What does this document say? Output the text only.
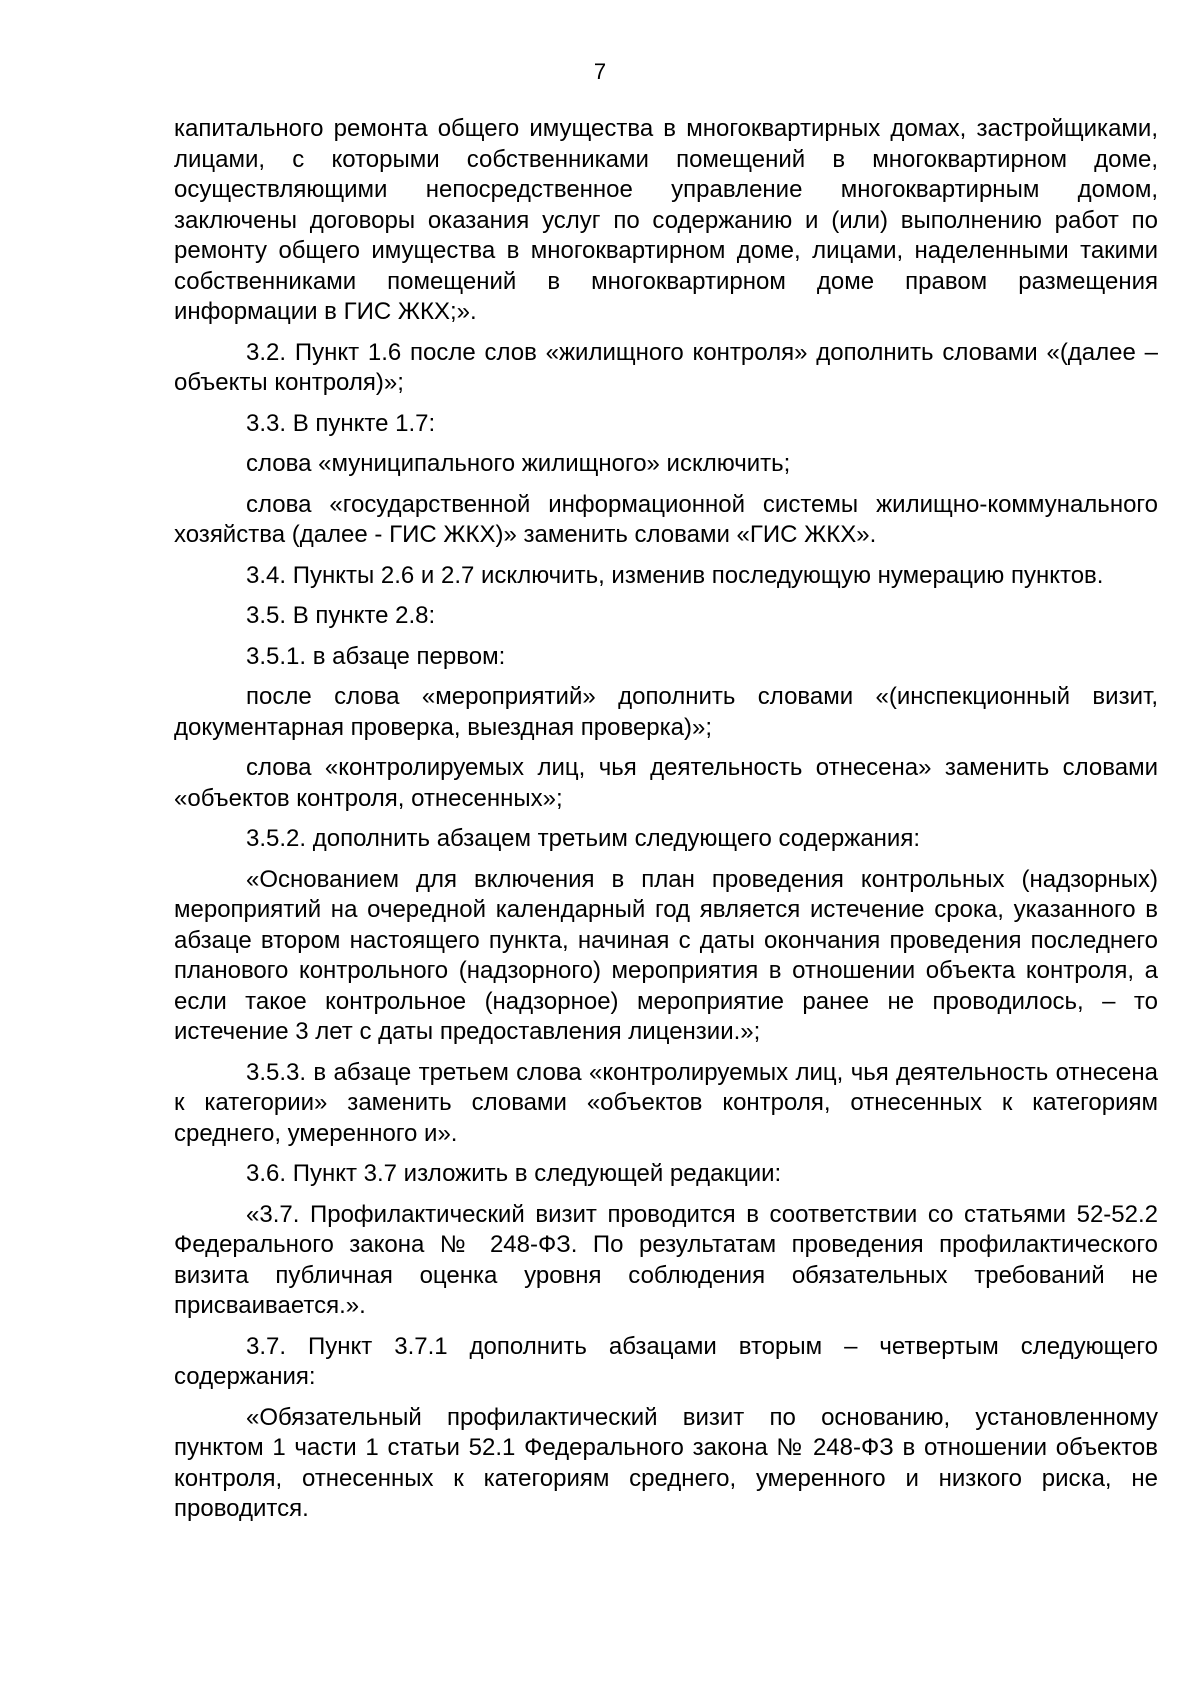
7

капитального ремонта общего имущества в многоквартирных домах, застройщиками, лицами, с которыми собственниками помещений в многоквартирном доме, осуществляющими непосредственное управление многоквартирным домом, заключены договоры оказания услуг по содержанию и (или) выполнению работ по ремонту общего имущества в многоквартирном доме, лицами, наделенными такими собственниками помещений в многоквартирном доме правом размещения информации в ГИС ЖКХ;».

3.2. Пункт 1.6 после слов «жилищного контроля» дополнить словами «(далее – объекты контроля)»;

3.3. В пункте 1.7:

слова «муниципального жилищного» исключить;

слова «государственной информационной системы жилищно-коммунального хозяйства (далее - ГИС ЖКХ)» заменить словами «ГИС ЖКХ».

3.4. Пункты 2.6 и 2.7 исключить, изменив последующую нумерацию пунктов.

3.5. В пункте 2.8:

3.5.1. в абзаце первом:

после слова «мероприятий» дополнить словами «(инспекционный визит, документарная проверка, выездная проверка)»;

слова «контролируемых лиц, чья деятельность отнесена» заменить словами «объектов контроля, отнесенных»;

3.5.2. дополнить абзацем третьим следующего содержания:

«Основанием для включения в план проведения контрольных (надзорных) мероприятий на очередной календарный год является истечение срока, указанного в абзаце втором настоящего пункта, начиная с даты окончания проведения последнего планового контрольного (надзорного) мероприятия в отношении объекта контроля, а если такое контрольное (надзорное) мероприятие ранее не проводилось, – то истечение 3 лет с даты предоставления лицензии.»;

3.5.3. в абзаце третьем слова «контролируемых лиц, чья деятельность отнесена к категории» заменить словами «объектов контроля, отнесенных к категориям среднего, умеренного и».

3.6. Пункт 3.7 изложить в следующей редакции:

«3.7. Профилактический визит проводится в соответствии со статьями 52-52.2 Федерального закона № 248-ФЗ. По результатам проведения профилактического визита публичная оценка уровня соблюдения обязательных требований не присваивается.».

3.7. Пункт 3.7.1 дополнить абзацами вторым – четвертым следующего содержания:

«Обязательный профилактический визит по основанию, установленному пунктом 1 части 1 статьи 52.1 Федерального закона № 248-ФЗ в отношении объектов контроля, отнесенных к категориям среднего, умеренного и низкого риска, не проводится.
